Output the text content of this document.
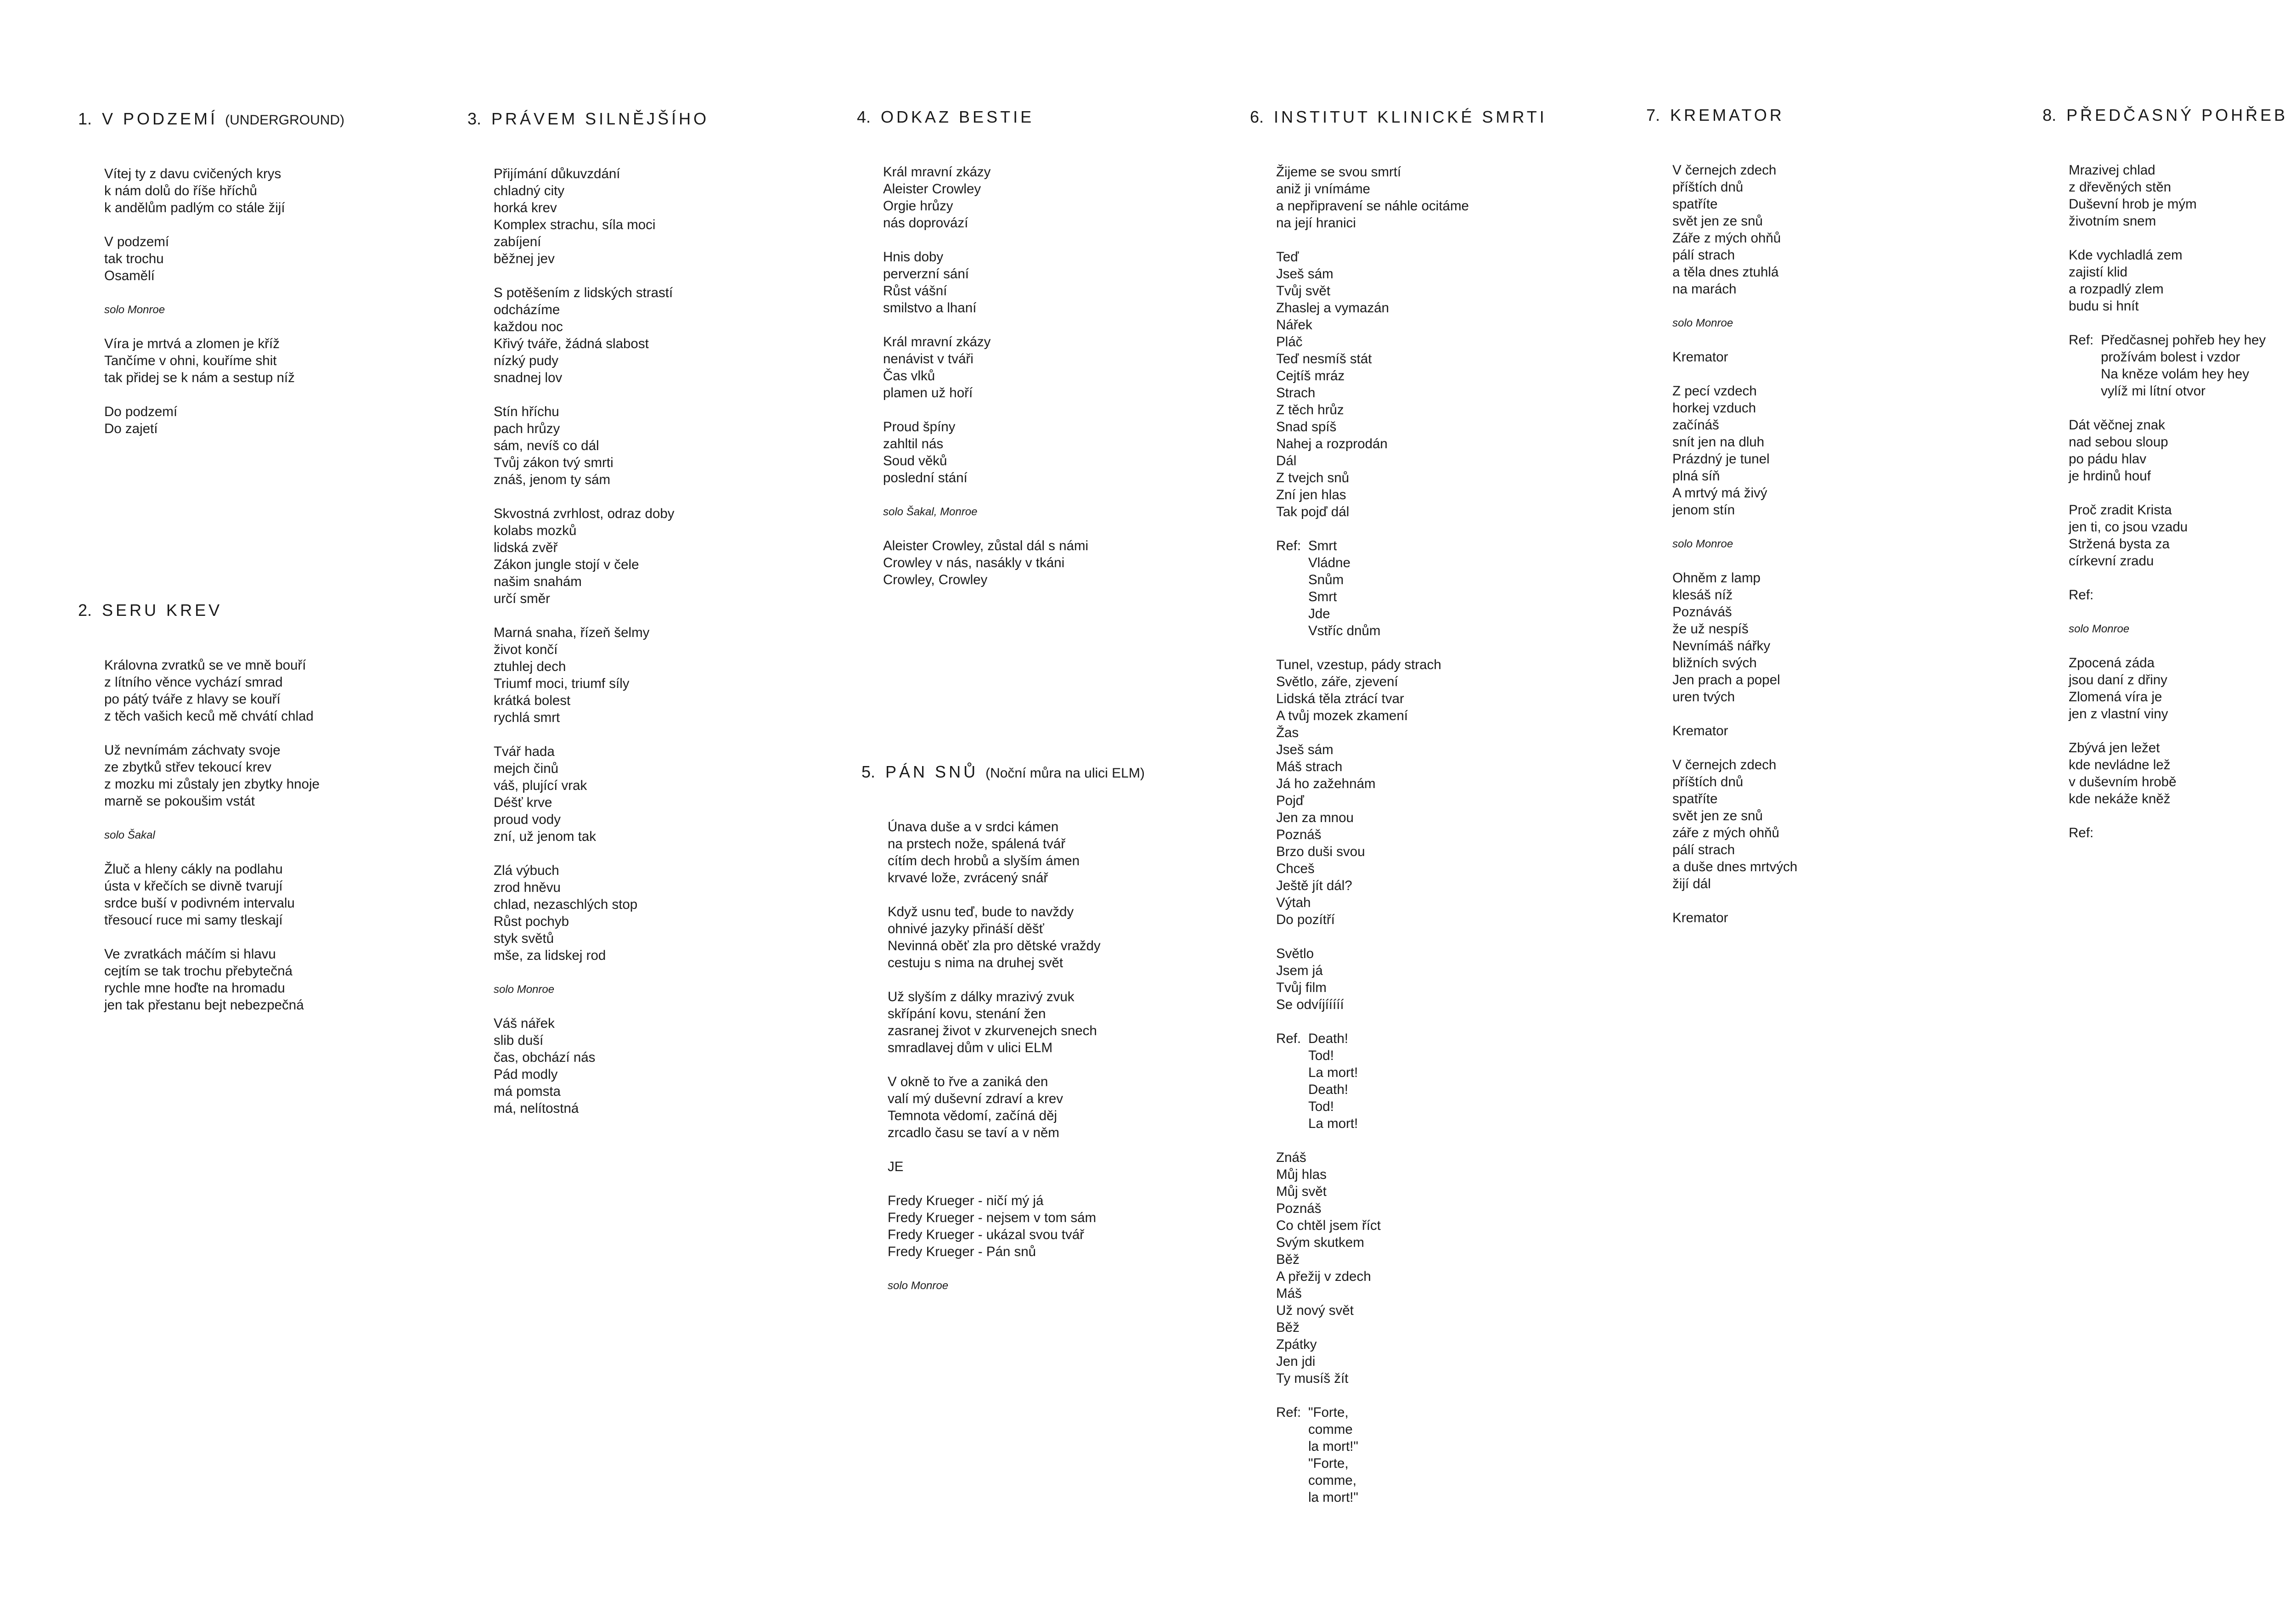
1. V PODZEMÍ (UNDERGROUND)
Vítej ty z davu cvičených krys
k nám dolů do říše hříchů
k andělům padlým co stále žijí
V podzemí
tak trochu
Osamělí
solo Monroe
Víra je mrtvá a zlomen je kříž
Tančíme v ohni, kouříme shit
tak přidej se k nám a sestup níž
Do podzemí
Do zajetí
2. SERU KREV
Královna zvratků se ve mně bouří
z lítního věnce vychází smrad
po pátý tváře z hlavy se kouří
z těch vašich keců mě chvátí chlad
Už nevnímám záchvaty svoje
ze zbytků střev tekoucí krev
z mozku mi zůstaly jen zbytky hnoje
marně se pokoušim vstát
solo Šakal
Žluč a hleny cákly na podlahu
ústa v křečích se divně tvarují
srdce buší v podivném intervalu
třesoucí ruce mi samy tleskají
Ve zvratkách máčím si hlavu
cejtím se tak trochu přebytečná
rychle mne hoďte na hromadu
jen tak přestanu bejt nebezpečná
3. PRÁVEM SILNĚJŠÍHO
Přijímání důkuvzdání
chladný city
horká krev
Komplex strachu, síla moci
zabíjení
běžnej jev
S potěšením z lidských strastí
odcházíme
každou noc
Křivý tváře, žádná slabost
nízký pudy
snadnej lov
Stín hříchu
pach hrůzy
sám, nevíš co dál
Tvůj zákon tvý smrti
znáš, jenom ty sám
Skvostná zvrhlost, odraz doby
kolabs mozků
lidská zvěř
Zákon jungle stojí v čele
našim snahám
určí směr
Marná snaha, řízeň šelmy
život končí
ztuhlej dech
Triumf moci, triumf síly
krátká bolest
rychlá smrt
Tvář hada
mejch činů
váš, plující vrak
Déšť krve
proud vody
zní, už jenom tak
Zlá výbuch
zrod hněvu
chlad, nezaschlých stop
Růst pochyb
styk světů
mše, za lidskej rod
solo Monroe
Váš nářek
slib duší
čas, obchází nás
Pád modly
má pomsta
má, nelítostná
4. ODKAZ BESTIE
Král mravní zkázy
Aleister Crowley
Orgie hrůzy
nás doprovází
Hnis doby
perverzní sání
Růst vášní
smilstvo a lhaní
Král mravní zkázy
nenávist v tváři
Čas vlků
plamen už hoří
Proud špíny
zahltil nás
Soud věků
poslední stání
solo Šakal, Monroe
Aleister Crowley, zůstal dál s námi
Crowley v nás, nasákly v tkáni
Crowley, Crowley
5. PÁN SNŮ (Noční můra na ulici ELM)
Únava duše a v srdci kámen
na prstech nože, spálená tvář
cítím dech hrobů a slyším ámen
krvavé lože, zvrácený snář
Když usnu teď, bude to navždy
ohnivé jazyky přináší děšť
Nevinná oběť zla pro dětské vraždy
cestuju s nima na druhej svět
Už slyším z dálky mrazivý zvuk
skřípání kovu, stenání žen
zasranej život v zkurvenejch snech
smradlavej dům v ulici ELM
V okně to řve a zaniká den
valí mý duševní zdraví a krev
Temnota vědomí, začíná děj
zrcadlo času se taví a v něm
JE
Fredy Krueger - ničí mý já
Fredy Krueger - nejsem v tom sám
Fredy Krueger - ukázal svou tvář
Fredy Krueger - Pán snů
solo Monroe
6. INSTITUT KLINICKÉ SMRTI
Žijeme se svou smrtí
aniž ji vnímáme
a nepřipravení se náhle ocitáme
na její hranici
Teď
Jseš sám
Tvůj svět
Zhaslej a vymazán
Nářek
Pláč
Teď nesmíš stát
Cejtíš mráz
Strach
Z těch hrůz
Snad spíš
Nahej a rozprodán
Dál
Z tvejch snů
Zní jen hlas
Tak pojď dál
Ref: Smrt
Vládne
Snům
Smrt
Jde
Vstříc dnům
Tunel, vzestup, pády strach
Světlo, záře, zjevení
Lidská těla ztrácí tvar
A tvůj mozek zkamení
Žas
Jseš sám
Máš strach
Já ho zažehnám
Pojď
Jen za mnou
Poznáš
Brzo duši svou
Chceš
Ještě jít dál?
Výtah
Do pozítří
Světlo
Jsem já
Tvůj film
Se odvíjííííí
Ref. Death!
Tod!
La mort!
Death!
Tod!
La mort!
Znáš
Můj hlas
Můj svět
Poznáš
Co chtěl jsem říct
Svým skutkem
Běž
A přežij v zdech
Máš
Už nový svět
Běž
Zpátky
Jen jdi
Ty musíš žít
Ref: "Forte,
comme
la mort!"
"Forte,
comme,
la mort!"
7. KREMATOR
V černejch zdech
příštích dnů
spatříte
svět jen ze snů
Záře z mých ohňů
pálí strach
a těla dnes ztuhlá
na marách
solo Monroe
Kremator
Z pecí vzdech
horkej vzduch
začínáš
snít jen na dluh
Prázdný je tunel
plná síň
A mrtvý má živý
jenom stín
solo Monroe
Ohněm z lamp
klesáš níž
Poznáváš
že už nespíš
Nevnímáš nářky
bližních svých
Jen prach a popel
uren tvých
Kremator
V černejch zdech
příštích dnů
spatříte
svět jen ze snů
záře z mých ohňů
pálí strach
a duše dnes mrtvých
žijí dál
Kremator
8. PŘEDČASNÝ POHŘEB
Mrazivej chlad
z dřevěných stěn
Duševní hrob je mým
životním snem
Kde vychladlá zem
zajistí klid
a rozpadlý zlem
budu si hnít
Ref: Předčasnej pohřeb hey hey
prožívám bolest i vzdor
Na kněze volám hey hey
vylíž mi lítní otvor
Dát věčnej znak
nad sebou sloup
po pádu hlav
je hrdinů houf
Proč zradit Krista
jen ti, co jsou vzadu
Stržená bysta za
církevní zradu
Ref:
solo Monroe
Zpocená záda
jsou daní z dřiny
Zlomená víra je
jen z vlastní viny
Zbývá jen ležet
kde nevládne lež
v duševním hrobě
kde nekáže kněž
Ref:
